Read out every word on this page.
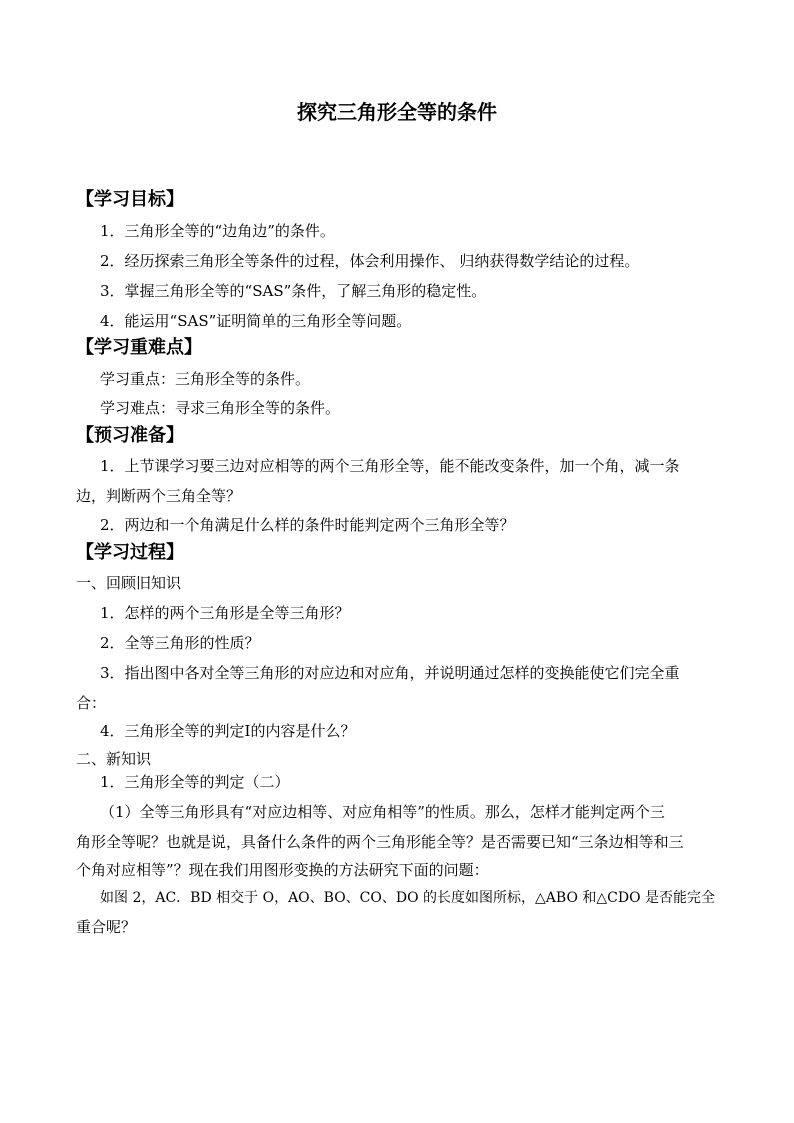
探究三角形全等的条件
【学习目标】
1．三角形全等的“边角边”的条件。
2．经历探索三角形全等条件的过程，体会利用操作、 归纳获得数学结论的过程。
3．掌握三角形全等的“SAS”条件，了解三角形的稳定性。
4．能运用“SAS”证明简单的三角形全等问题。
【学习重难点】
学习重点：三角形全等的条件。
学习难点：寻求三角形全等的条件。
【预习准备】
1．上节课学习要三边对应相等的两个三角形全等，能不能改变条件，加一个角，减一条
边，判断两个三角全等？
2．两边和一个角满足什么样的条件时能判定两个三角形全等？
【学习过程】
一、回顾旧知识
1．怎样的两个三角形是全等三角形？
2．全等三角形的性质？
3．指出图中各对全等三角形的对应边和对应角，并说明通过怎样的变换能使它们完全重
合：
4．三角形全等的判定Ⅰ的内容是什么？
二、新知识
1．三角形全等的判定（二）
（1）全等三角形具有“对应边相等、对应角相等”的性质。那么，怎样才能判定两个三
角形全等呢？也就是说，具备什么条件的两个三角形能全等？是否需要已知“三条边相等和三
个角对应相等”？现在我们用图形变换的方法研究下面的问题：
如图 2，AC．BD 相交于 O，AO、BO、CO、DO 的长度如图所标，△ABO 和△CDO 是否能完全
重合呢？
